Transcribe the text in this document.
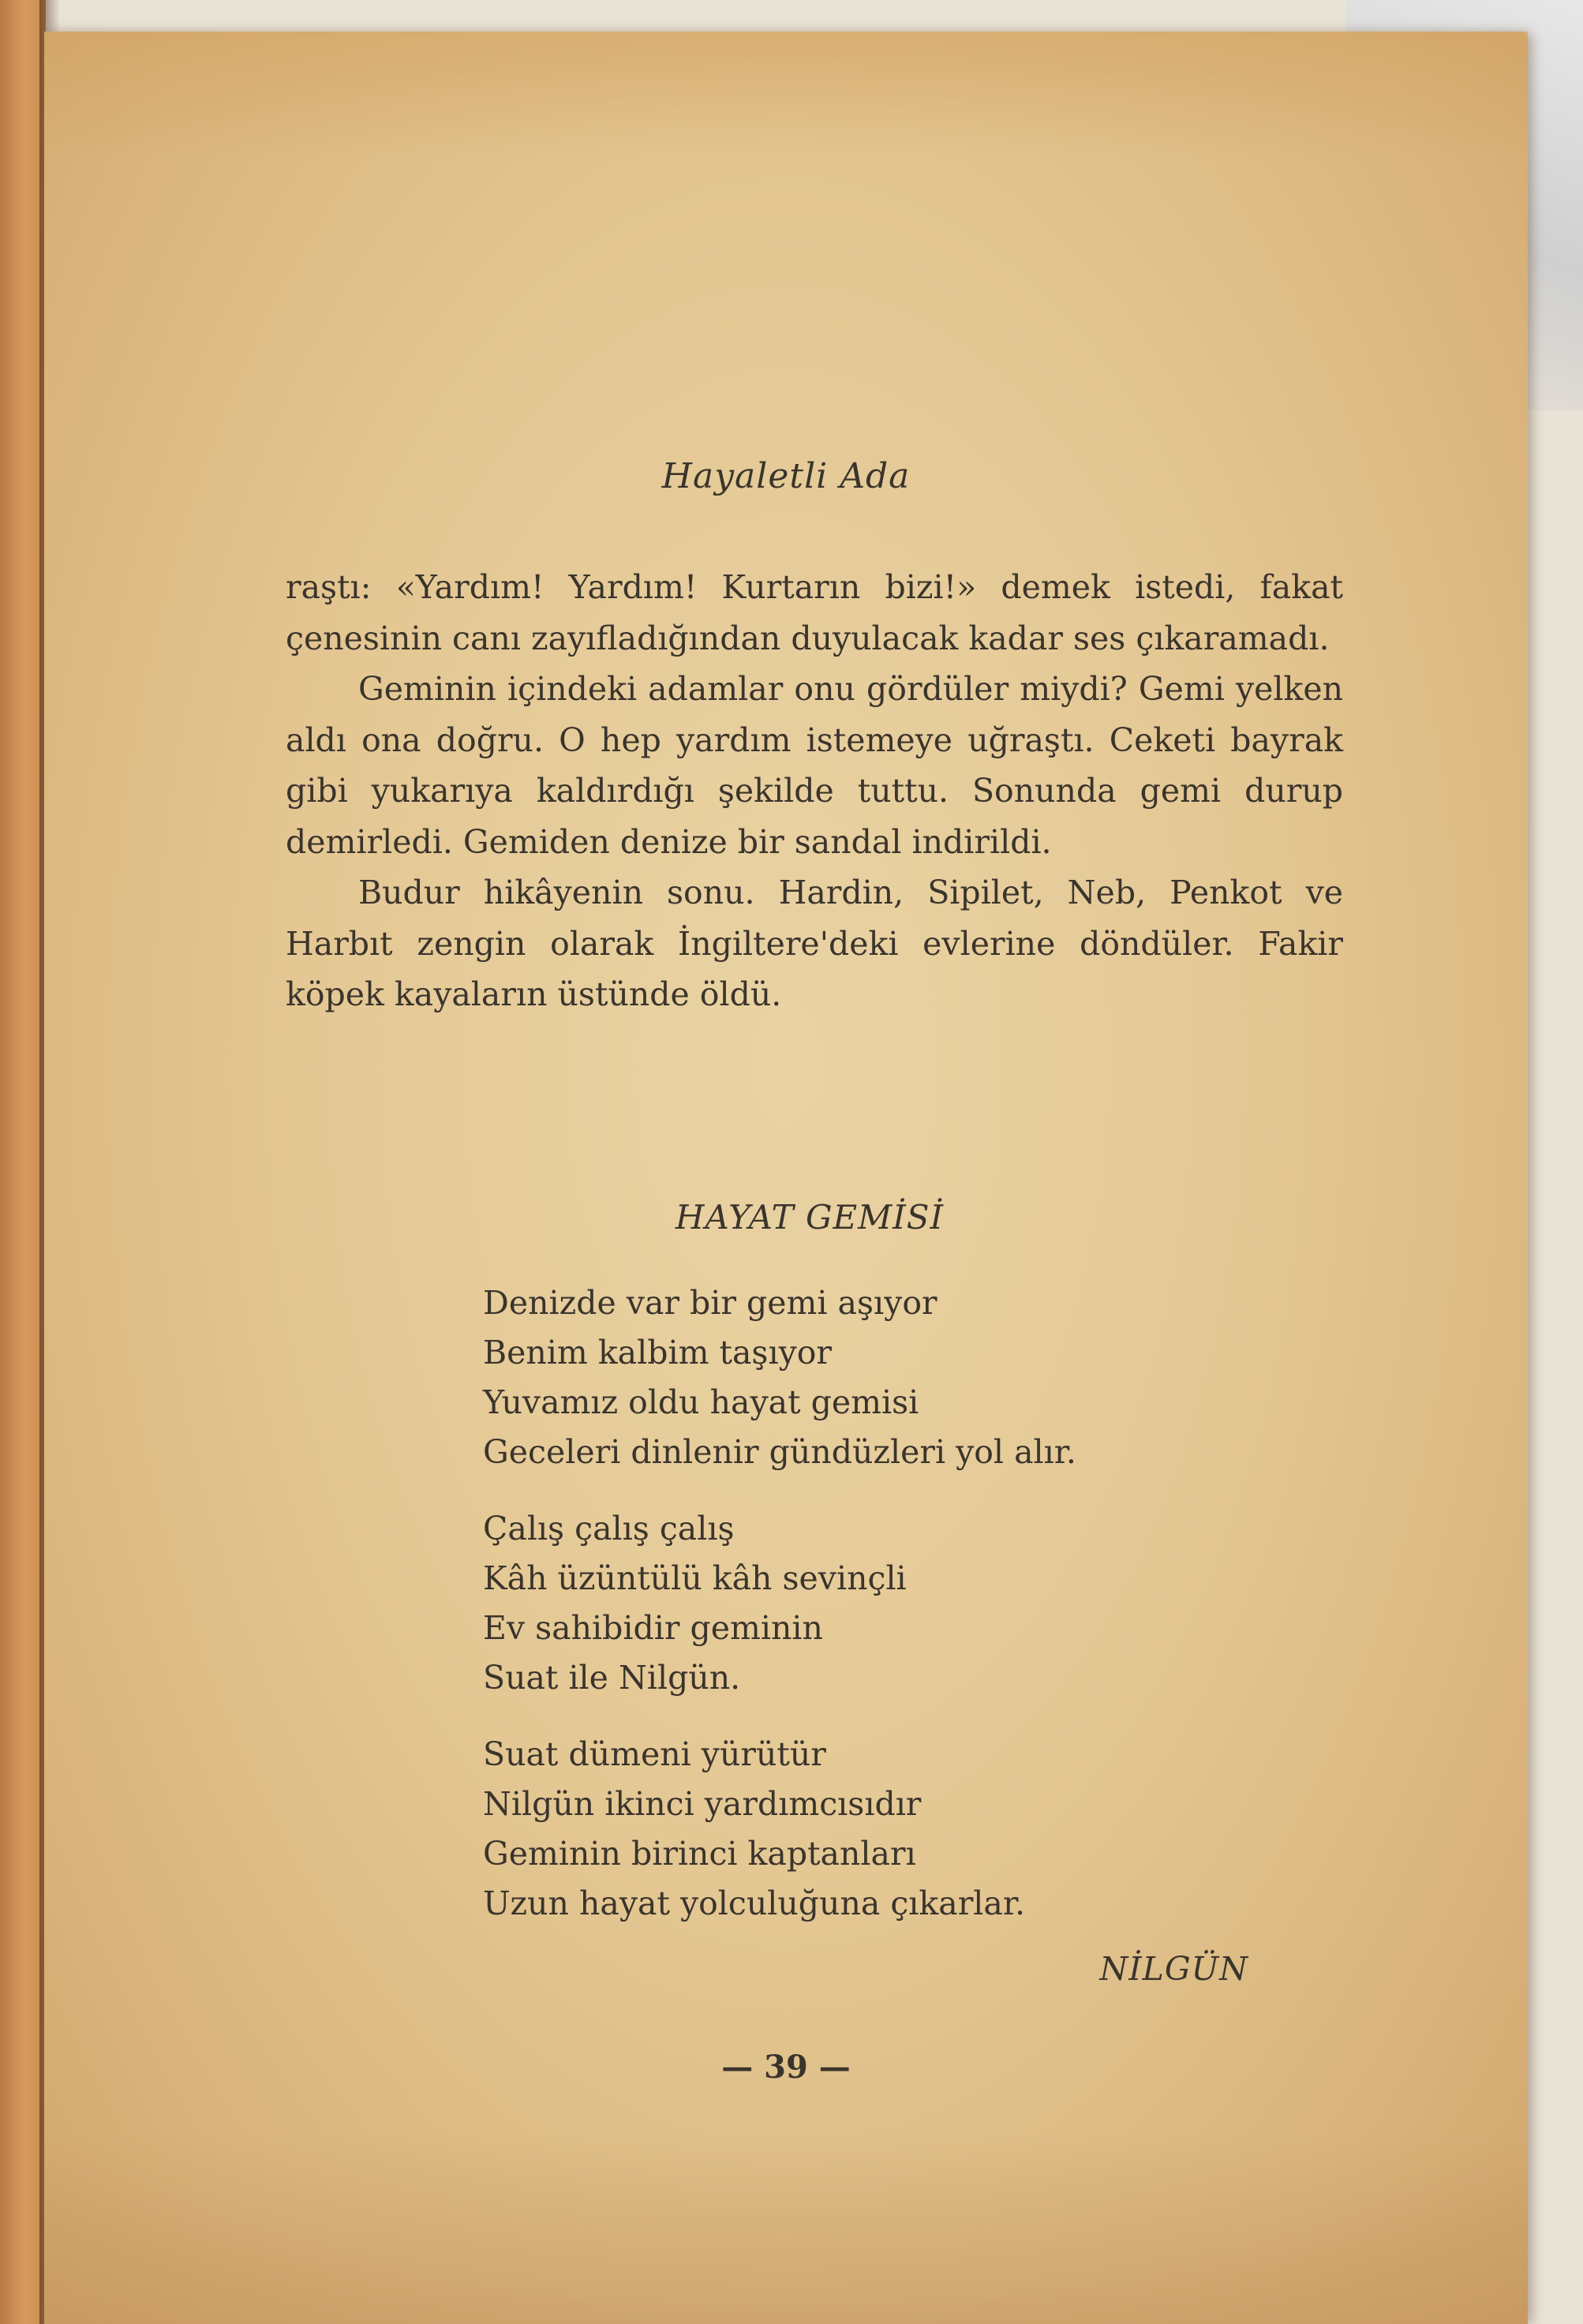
Hayaletli Ada

raştı: «Yardım! Yardım! Kurtarın bizi!» demek istedi, fakat çenesinin canı zayıfladığından duyulacak kadar ses çıkaramadı.

Geminin içindeki adamlar onu gördüler miydi? Gemi yelken aldı ona doğru. O hep yardım istemeye uğraştı. Ceketi bayrak gibi yukarıya kaldırdığı şekilde tuttu. Sonunda gemi durup demirledi. Gemiden denize bir sandal indirildi.

Budur hikâyenin sonu. Hardin, Sipilet, Neb, Penkot ve Harbıt zengin olarak İngiltere'deki evlerine döndüler. Fakir köpek kayaların üstünde öldü.

HAYAT GEMİSİ
Denizde var bir gemi aşıyor
Benim kalbim taşıyor
Yuvamız oldu hayat gemisi
Geceleri dinlenir gündüzleri yol alır.
Çalış çalış çalış
Kâh üzüntülü kâh sevinçli
Ev sahibidir geminin
Suat ile Nilgün.
Suat dümeni yürütür
Nilgün ikinci yardımcısıdır
Geminin birinci kaptanları
Uzun hayat yolculuğuna çıkarlar.
NİLGÜN
— 39 —
